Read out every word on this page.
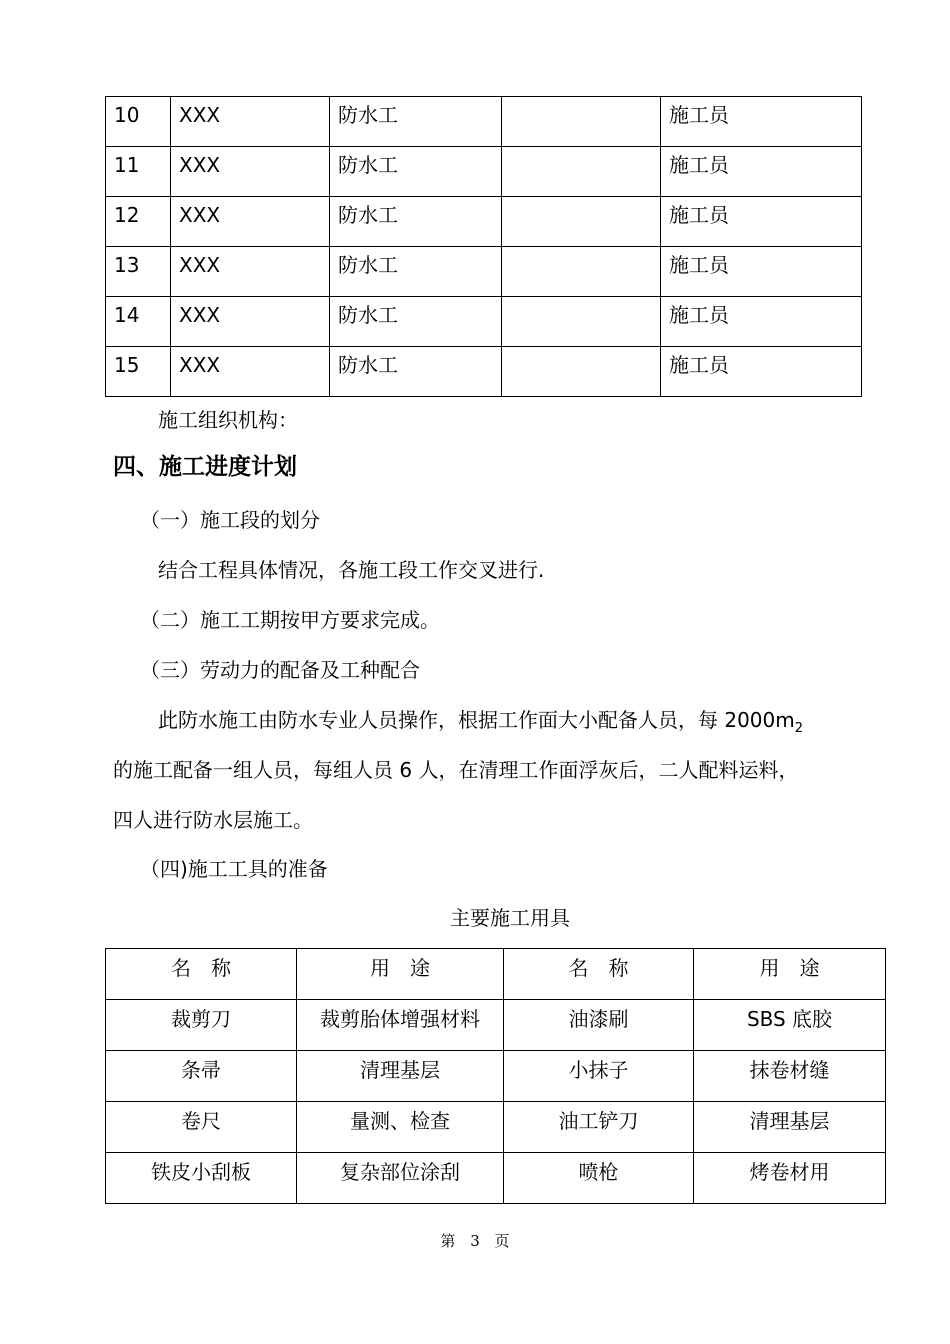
10	XXX	防水工		施工员
11	XXX	防水工		施工员
12	XXX	防水工		施工员
13	XXX	防水工		施工员
14	XXX	防水工		施工员
15	XXX	防水工		施工员
施工组织机构：
四、施工进度计划
（一）施工段的划分
结合工程具体情况，各施工段工作交叉进行.
（二）施工工期按甲方要求完成。
（三）劳动力的配备及工种配合
此防水施工由防水专业人员操作，根据工作面大小配备人员，每 $2000m_2$
的施工配备一组人员，每组人员 6 人，在清理工作面浮灰后，二人配料运料，
四人进行防水层施工。
（四)施工工具的准备
主要施工用具
名　称	用　途	名　称	用　途
裁剪刀	裁剪胎体增强材料	油漆刷	SBS 底胶
条帚	清理基层	小抹子	抹卷材缝
卷尺	量测、检查	油工铲刀	清理基层
铁皮小刮板	复杂部位涂刮	喷枪	烤卷材用
第 3 页
